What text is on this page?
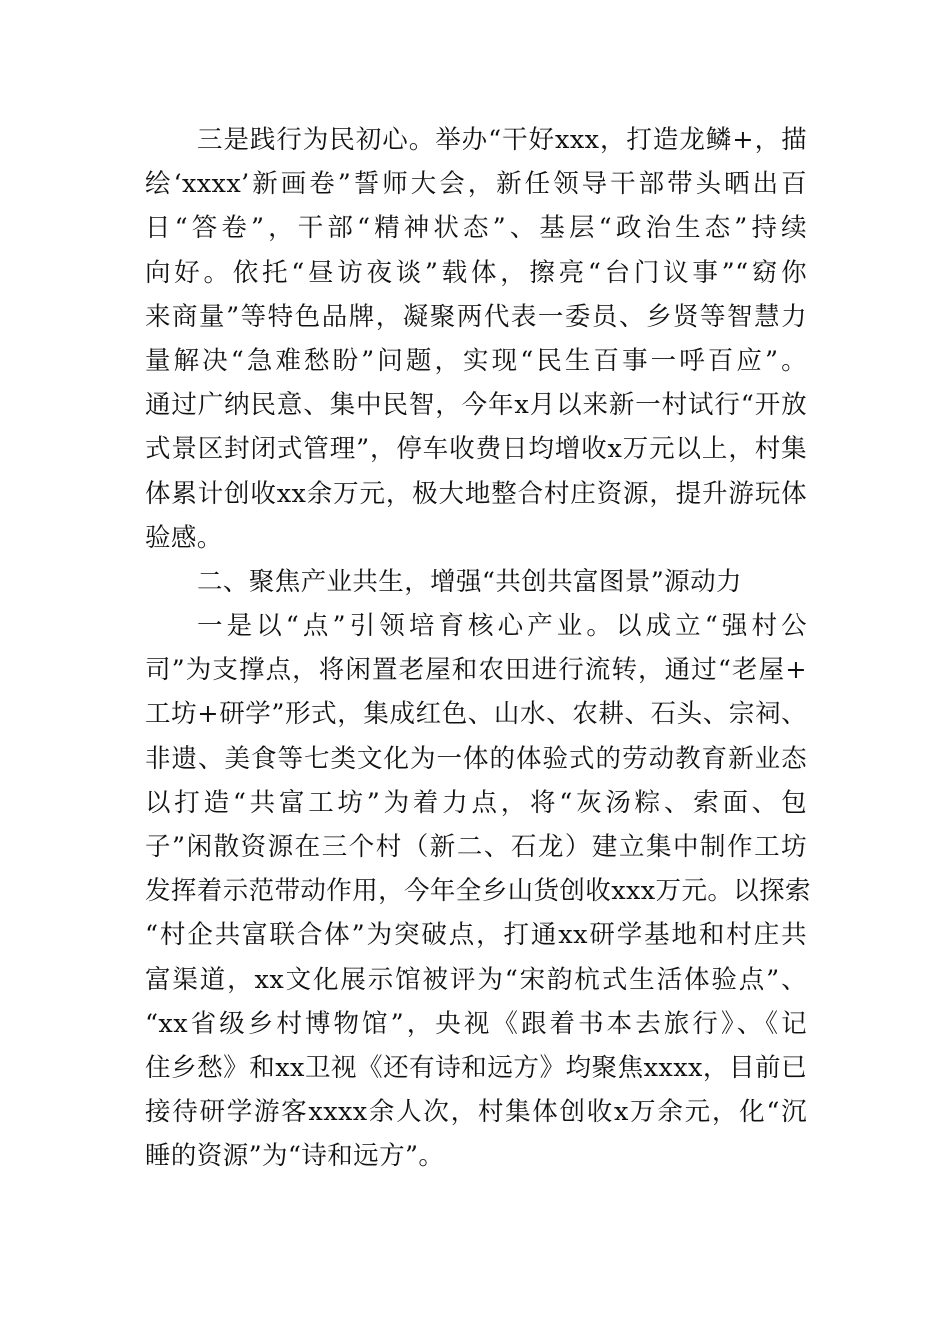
三是践行为民初心。举办“干好xxx，打造龙鳞+，描
绘‘xxxx’新画卷”誓师大会，新任领导干部带头晒出百
日“答卷”，干部“精神状态”、基层“政治生态”持续
向好。依托“昼访夜谈”载体，擦亮“台门议事”“窈你
来商量”等特色品牌，凝聚两代表一委员、乡贤等智慧力
量解决“急难愁盼”问题，实现“民生百事一呼百应”。
通过广纳民意、集中民智，今年x月以来新一村试行“开放
式景区封闭式管理”，停车收费日均增收x万元以上，村集
体累计创收xx余万元，极大地整合村庄资源，提升游玩体
验感。
二、聚焦产业共生，增强“共创共富图景”源动力
一是以“点”引领培育核心产业。以成立“强村公
司”为支撑点，将闲置老屋和农田进行流转，通过“老屋+
工坊+研学”形式，集成红色、山水、农耕、石头、宗祠、
非遗、美食等七类文化为一体的体验式的劳动教育新业态
以打造“共富工坊”为着力点，将“灰汤粽、索面、包
子”闲散资源在三个村（新二、石龙）建立集中制作工坊
发挥着示范带动作用，今年全乡山货创收xxx万元。以探索
“村企共富联合体”为突破点，打通xx研学基地和村庄共
富渠道，xx文化展示馆被评为“宋韵杭式生活体验点”、
“xx省级乡村博物馆”，央视《跟着书本去旅行》、《记
住乡愁》和xx卫视《还有诗和远方》均聚焦xxxx，目前已
接待研学游客xxxx余人次，村集体创收x万余元，化“沉
睡的资源”为“诗和远方”。
